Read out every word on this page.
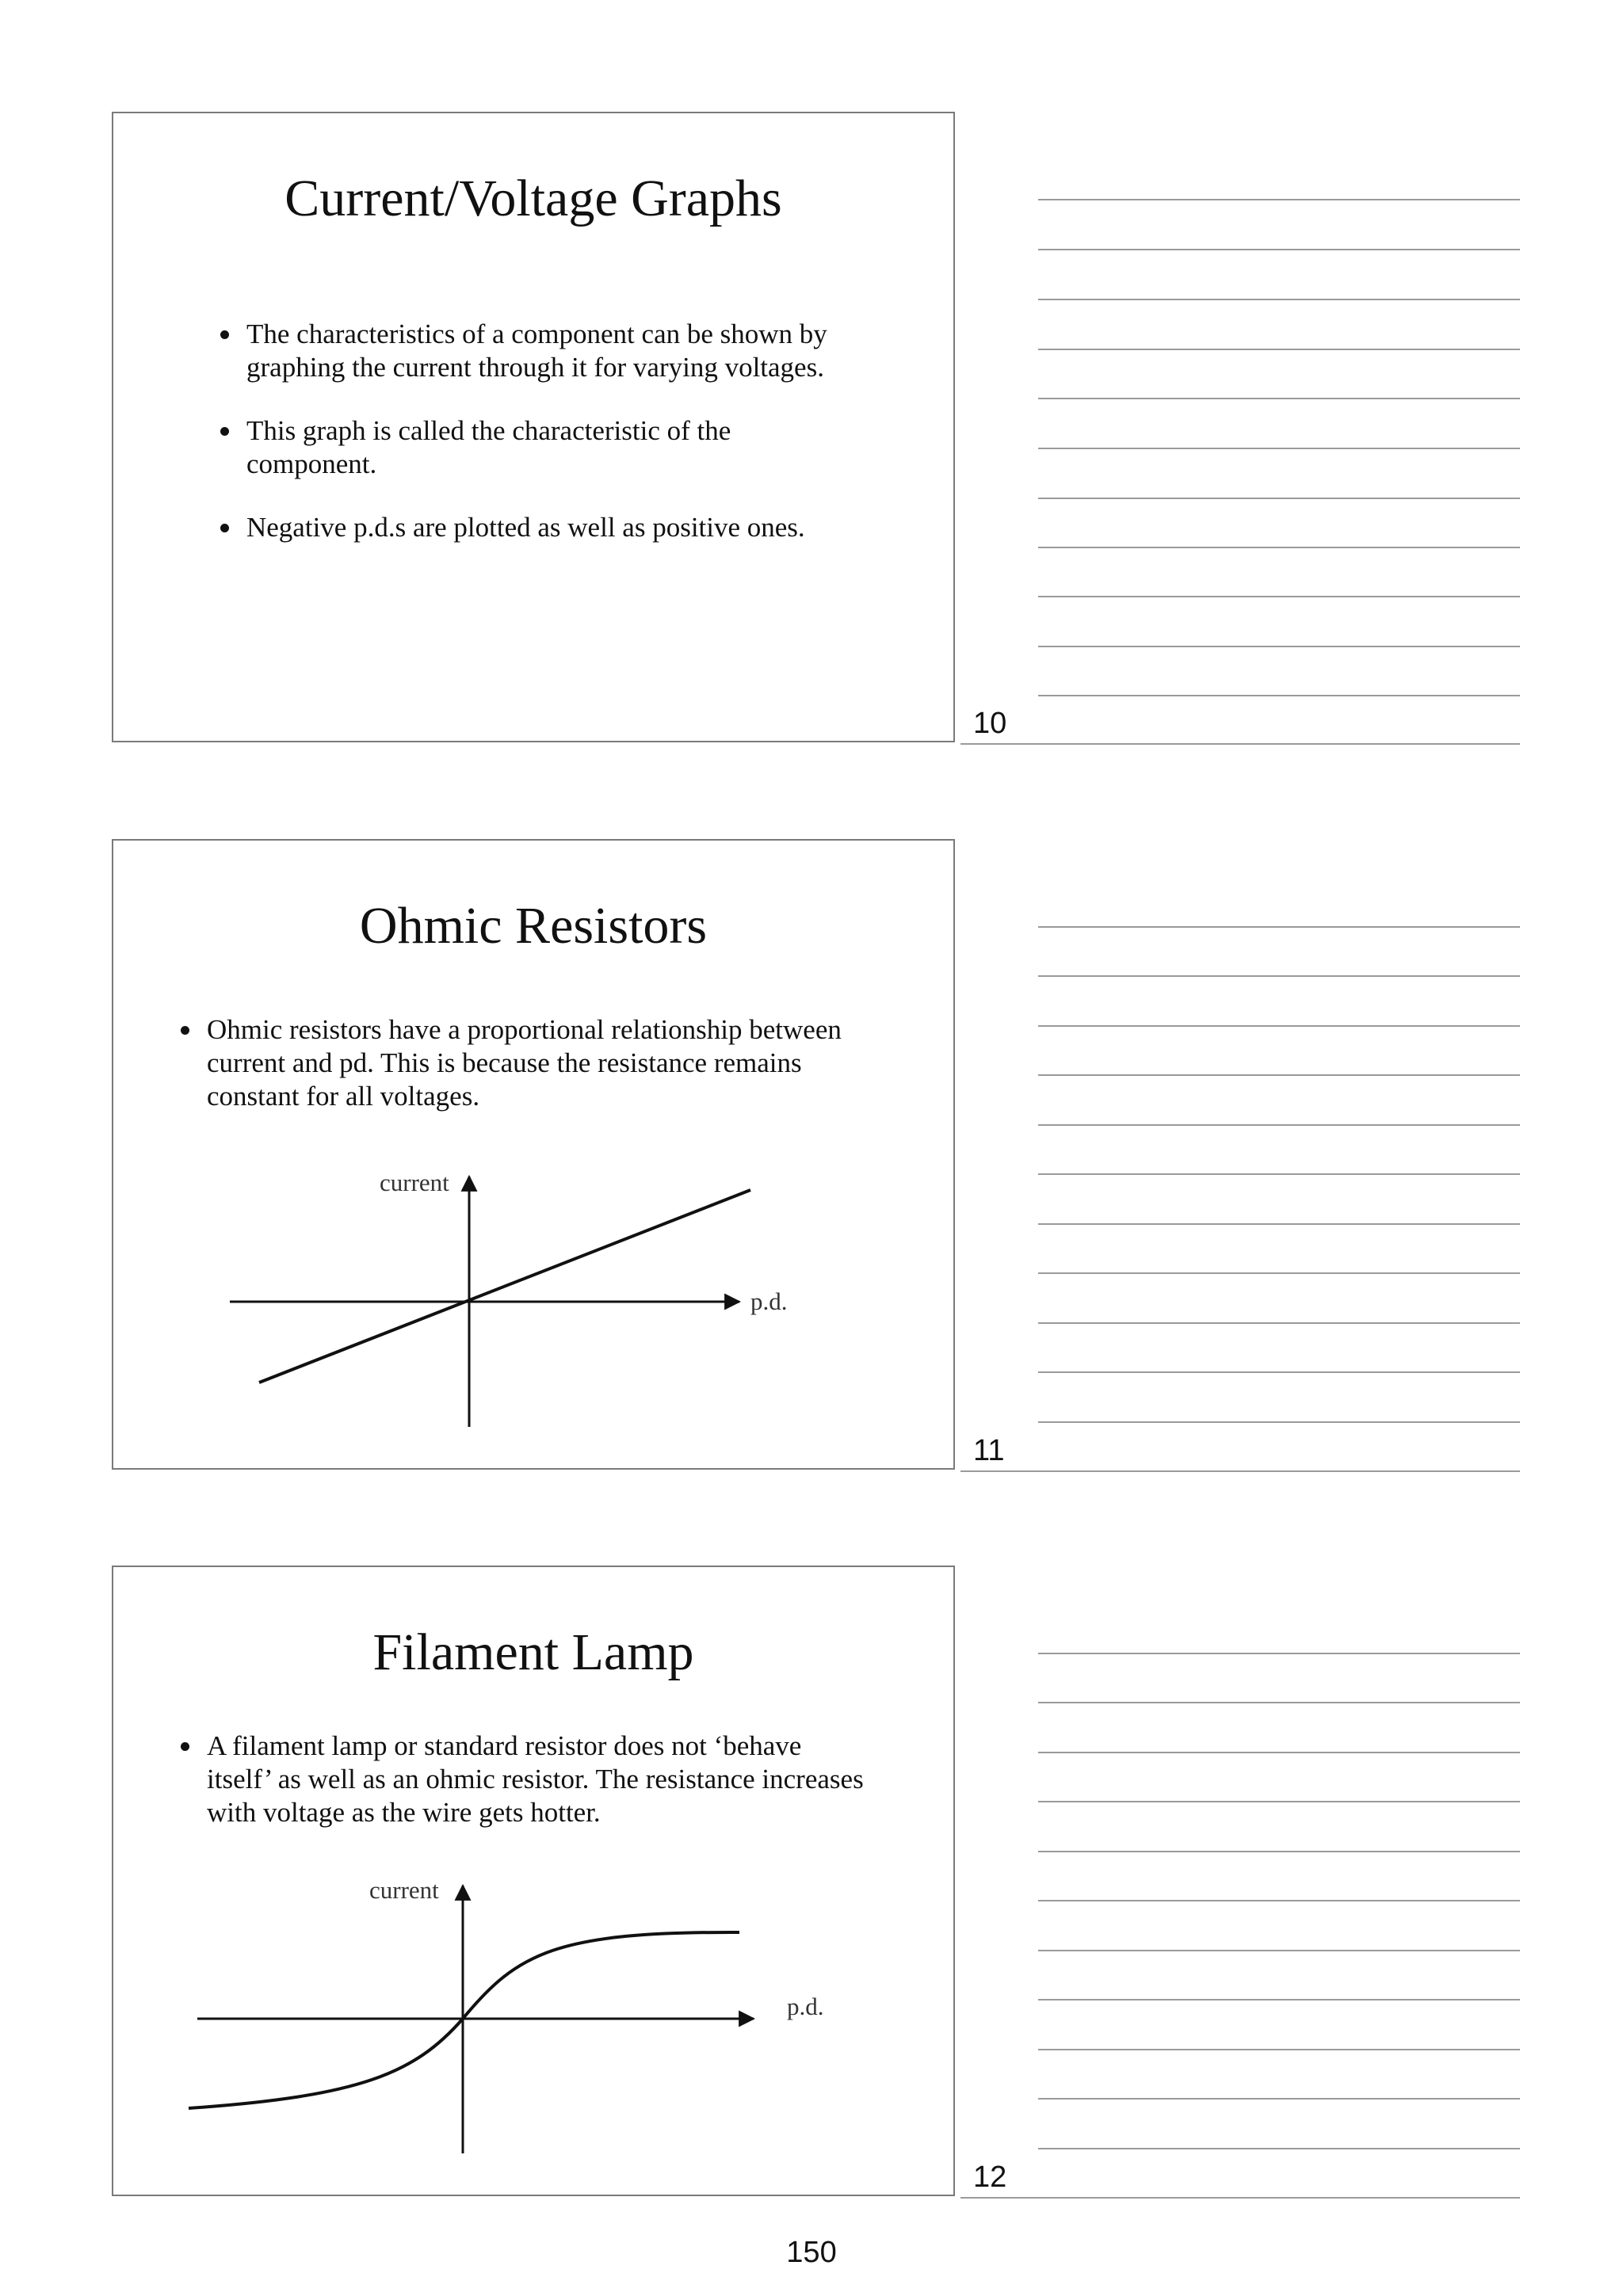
Current/Voltage Graphs
The characteristics of a component can be shown by
graphing the current through it for varying voltages.
This graph is called the characteristic of the
component.
Negative p.d.s are plotted as well as positive ones.
10
Ohmic Resistors
Ohmic resistors have a proportional relationship between
current and pd. This is because the resistance remains
constant for all voltages.
current
p.d.
11
Filament Lamp
A filament lamp or standard resistor does not ‘behave
itself’ as well as an ohmic resistor. The resistance increases
with voltage as the wire gets hotter.
current
p.d.
12
150
